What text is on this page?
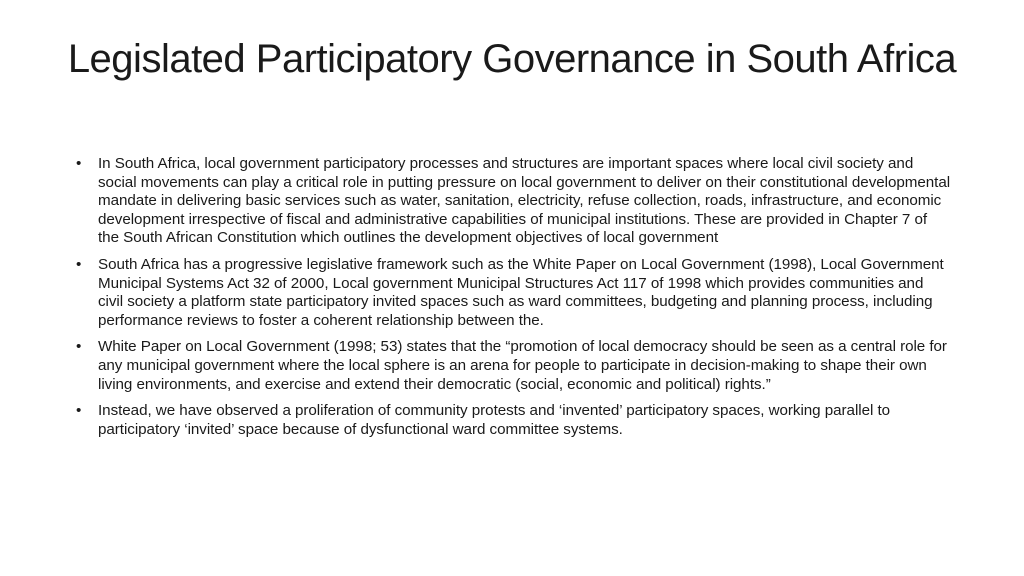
Legislated Participatory Governance in South Africa
• In South Africa, local government participatory processes and structures are important spaces where local civil society and social movements can play a critical role in putting pressure on local government to deliver on their constitutional developmental mandate in delivering basic services such as water, sanitation, electricity, refuse collection, roads, infrastructure, and economic development irrespective of fiscal and administrative capabilities of municipal institutions. These are provided in Chapter 7 of the South African Constitution which outlines the development objectives of local government
• South Africa has a progressive legislative framework such as the White Paper on Local Government (1998), Local Government Municipal Systems Act 32 of 2000, Local government Municipal Structures Act 117 of 1998 which provides communities and civil society a platform state participatory invited spaces such as ward committees, budgeting and planning process, including performance reviews to foster a coherent relationship between the.
• White Paper on Local Government (1998; 53) states that the “promotion of local democracy should be seen as a central role for any municipal government where the local sphere is an arena for people to participate in decision-making to shape their own living environments, and exercise and extend their democratic (social, economic and political) rights.”
• Instead, we have observed a proliferation of community protests and ‘invented’ participatory spaces, working parallel to participatory ‘invited’ space because of dysfunctional ward committee systems.
